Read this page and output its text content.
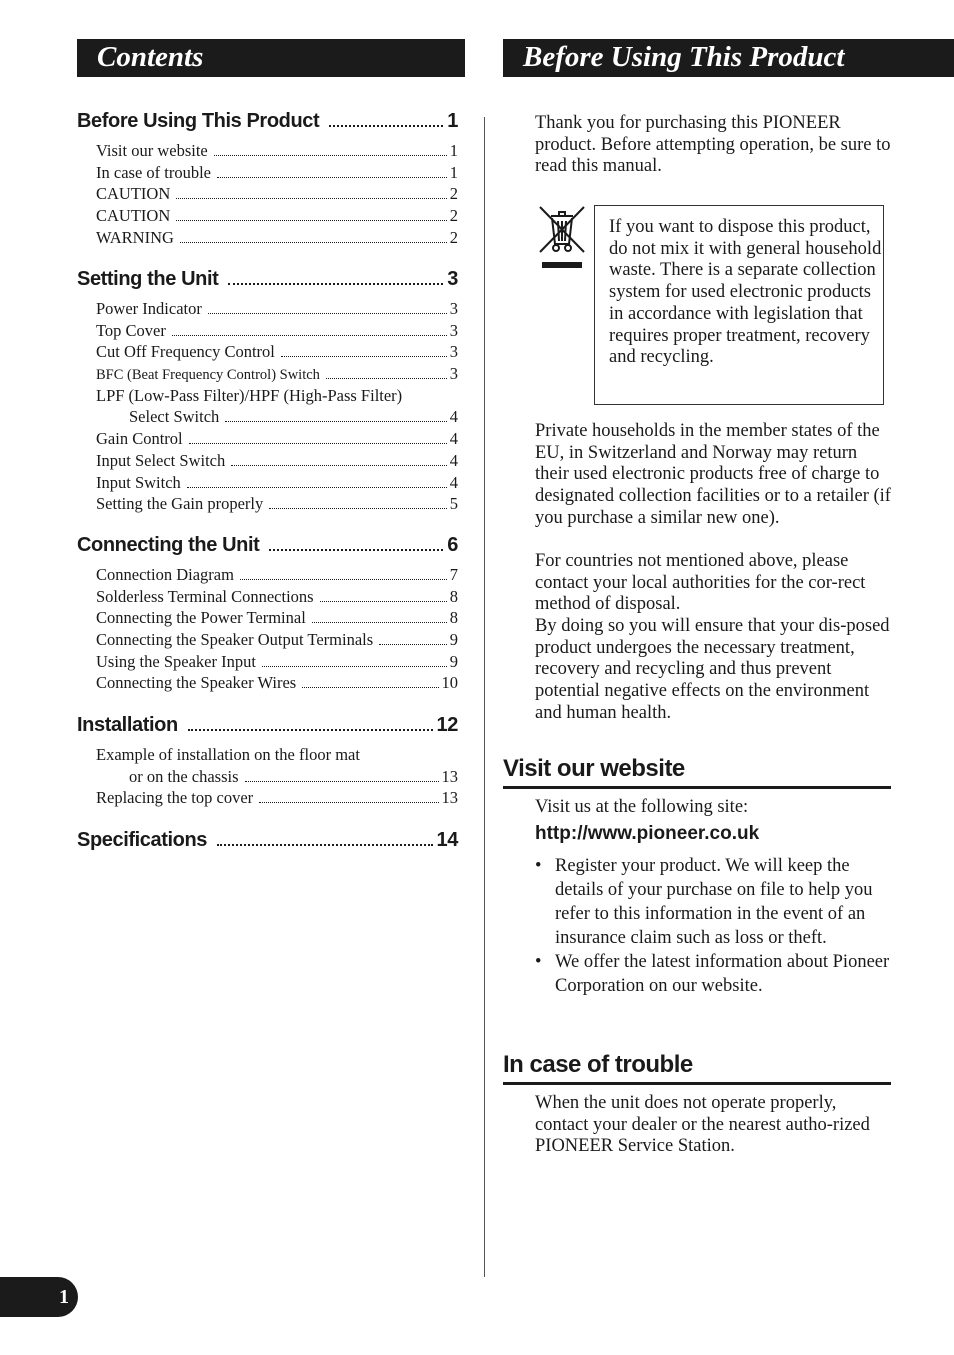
Contents	Before Using This Product
Before Using This Product	1
Visit our website	1
In case of trouble	1
CAUTION	2
CAUTION	2
WARNING	2
Setting the Unit	3
Power Indicator	3
Top Cover	3
Cut Off Frequency Control	3
BFC (Beat Frequency Control) Switch	3
LPF (Low-Pass Filter)/HPF (High-Pass Filter)
Select Switch	4
Gain Control	4
Input Select Switch	4
Input Switch	4
Setting the Gain properly	5
Connecting the Unit	6
Connection Diagram	7
Solderless Terminal Connections	8
Connecting the Power Terminal	8
Connecting the Speaker Output Terminals	9
Using the Speaker Input	9
Connecting the Speaker Wires	10
Installation	12
Example of installation on the floor mat
or on the chassis	13
Replacing the top cover	13
Specifications	14

Thank you for purchasing this PIONEER product. Before attempting operation, be sure to read this manual.

If you want to dispose this product, do not mix it with general household waste. There is a separate collection system for used electronic products in accordance with legislation that requires proper treatment, recovery and recycling.

Private households in the member states of the EU, in Switzerland and Norway may return their used electronic products free of charge to designated collection facilities or to a retailer (if you purchase a similar new one).

For countries not mentioned above, please contact your local authorities for the cor-rect method of disposal.

By doing so you will ensure that your dis-posed product undergoes the necessary treatment, recovery and recycling and thus prevent potential negative effects on the environment and human health.

Visit our website

Visit us at the following site:

http://www.pioneer.co.uk
• Register your product. We will keep the details of your purchase on file to help you refer to this information in the event of an insurance claim such as loss or theft.
• We offer the latest information about Pioneer Corporation on our website.
In case of trouble

When the unit does not operate properly, contact your dealer or the nearest autho-rized PIONEER Service Station.

1
